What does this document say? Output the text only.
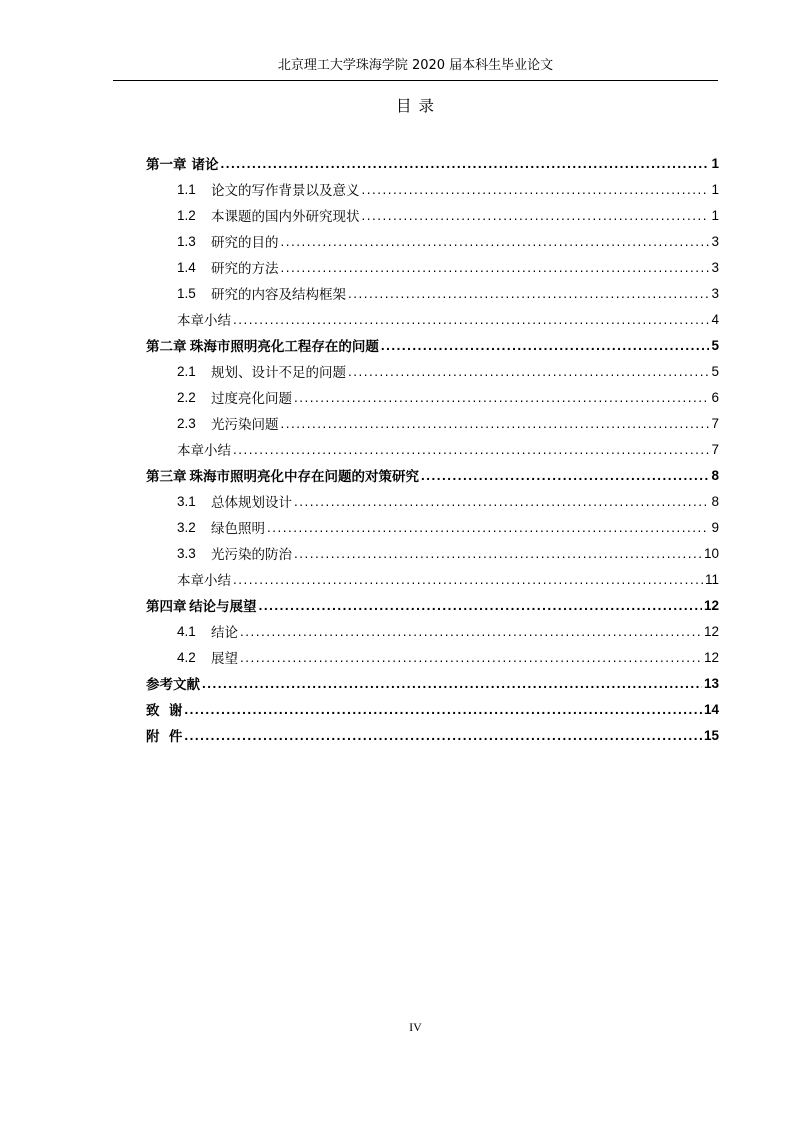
北京理工大学珠海学院 2020 届本科生毕业论文
目 录
第一章 诸论 .....	1
1.1	论文的写作背景以及意义 .....	1
1.2	本课题的国内外研究现状 .....	1
1.3	研究的目的 .....	3
1.4	研究的方法 .....	3
1.5	研究的内容及结构框架 .....	3
本章小结 .....	4
第二章 珠海市照明亮化工程存在的问题 .....	5
2.1	规划、设计不足的问题 .....	5
2.2	过度亮化问题 .....	6
2.3	光污染问题 .....	7
本章小结 .....	7
第三章 珠海市照明亮化中存在问题的对策研究 .....	8
3.1	总体规划设计 .....	8
3.2	绿色照明 .....	9
3.3	光污染的防治 .....	10
本章小结 .....	11
第四章 结论与展望 .....	12
4.1	结论 .....	12
4.2	展望 .....	12
参考文献 .....	13
致  谢 .....	14
附  件 .....	15
IV
